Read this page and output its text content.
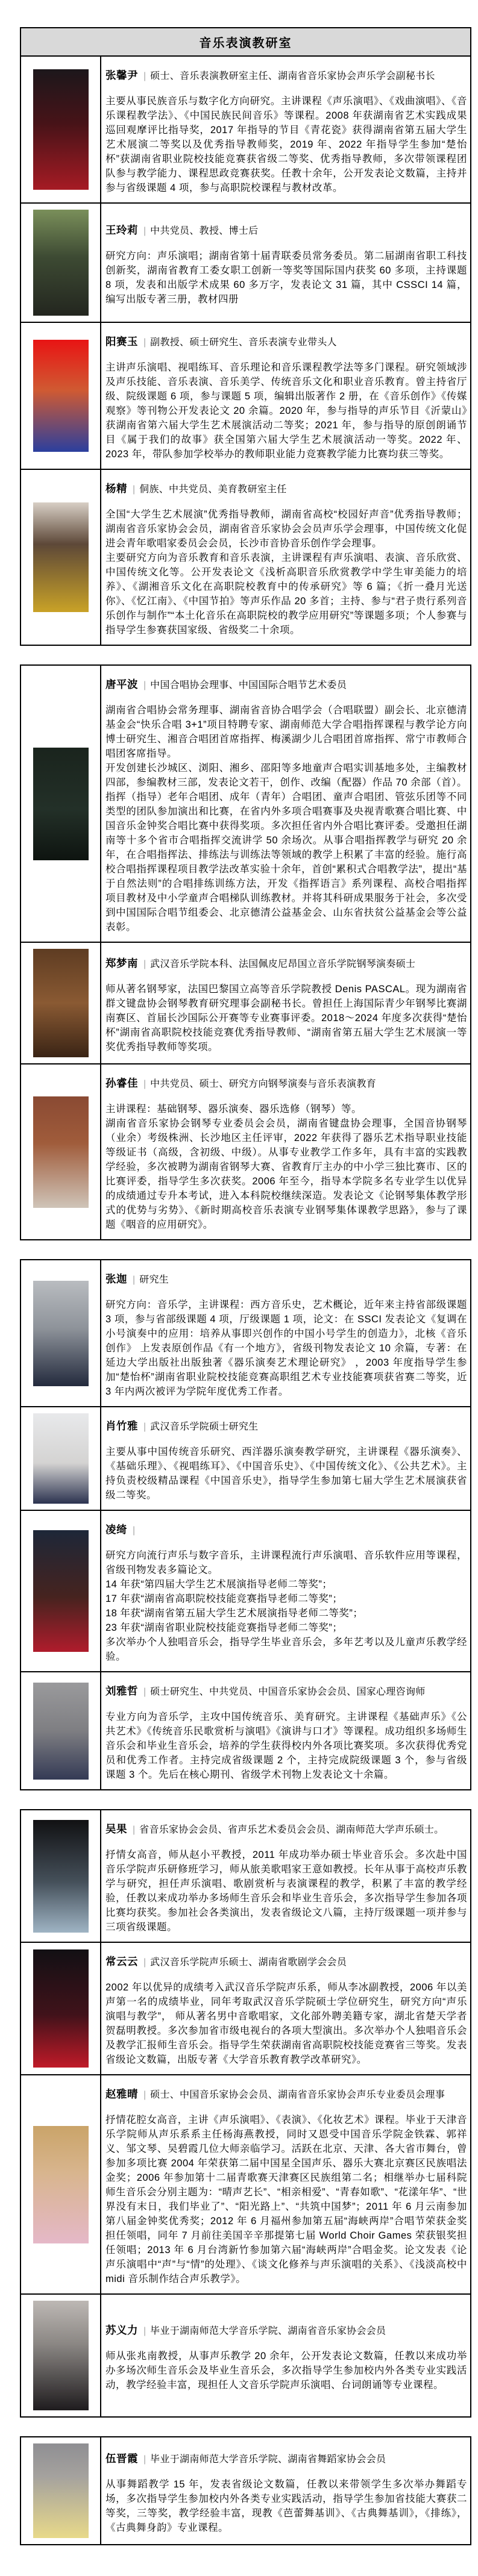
音乐表演教研室
张馨尹 | 硕士、音乐表演教研室主任、湖南省音乐家协会声乐学会副秘书长

主要从事民族音乐与数字化方向研究。主讲课程《声乐演唱》、《戏曲演唱》、《音乐课程教学法》、《中国民族民间音乐》等课程。2008 年获湖南省艺术实践成果巡回观摩评比指导奖，2017 年指导的节目《青花瓷》获得湖南省第五届大学生艺术展演二等奖以及优秀指导教师奖，2019 年、2022 年指导学生参加“楚怡杯”获湖南省职业院校技能竞赛获省级二等奖、优秀指导教师，多次带领课程团队参与教学能力、课程思政竞赛获奖。任教十余年，公开发表论文数篇，主持并参与省级课题 4 项，参与高职院校课程与教材改革。

王玲莉 | 中共党员、教授、博士后

研究方向：声乐演唱；湖南省第十届青联委员常务委员。第二届湖南省职工科技创新奖，湖南省教育工委女职工创新一等奖等国际国内获奖 60 多项，主持课题 8 项，发表和出版学术成果 60 多万字，发表论文 31 篇，其中 CSSCI 14 篇，编写出版专著三册，教材四册

阳赛玉 | 副教授、硕士研究生、音乐表演专业带头人

主讲声乐演唱、视唱练耳、音乐理论和音乐课程教学法等多门课程。研究领域涉及声乐技能、音乐表演、音乐美学、传统音乐文化和职业音乐教育。曾主持省厅级、院级课题 6 项，参与课题 5 项，编辑出版著作 2 册，在《音乐创作》《传媒观察》等刊物公开发表论文 20 余篇。2020 年，参与指导的声乐节目《沂蒙山》获湖南省第六届大学生艺术展演活动二等奖；2021 年，参与指导的原创朗诵节目《属于我们的故事》获全国第六届大学生艺术展演活动一等奖。2022 年、2023 年，带队参加学校举办的教师职业能力竞赛教学能力比赛均获三等奖。

杨精 | 侗族、中共党员、美育教研室主任

全国“大学生艺术展演”优秀指导教师，湖南省高校“校园好声音”优秀指导教师；湖南省音乐家协会会员，湖南省音乐家协会会员声乐学会理事，中国传统文化促进会青年歌唱家委员会会员，长沙市音协音乐创作学会理事。

主要研究方向为音乐教育和音乐表演，主讲课程有声乐演唱、表演、音乐欣赏、中国传统文化等。公开发表论文《浅析高职音乐欣赏教学中学生审美能力的培养》、《湖湘音乐文化在高职院校教育中的传承研究》等 6 篇；《折一叠月光送你》、《忆江南》、《中国节拍》等声乐作品 20 多首；主持、参与“君子贵行系列音乐创作与制作”“本土化音乐在高职院校的教学应用研究”等课题多项；个人参赛与指导学生参赛获国家级、省级奖二十余项。

唐平波 | 中国合唱协会理事、中国国际合唱节艺术委员

湖南省合唱协会常务理事、湖南省音协合唱学会（合唱联盟）副会长、北京德清基金会“快乐合唱 3+1”项目特聘专家、湖南师范大学合唱指挥课程与教学论方向博士研究生、湘音合唱团首席指挥、梅溪湖少儿合唱团首席指挥、常宁市教师合唱团客席指导。

开发创建长沙城区、浏阳、湘乡、邵阳等多地童声合唱实训基地多处，主编教材四部，参编教材三部，发表论文若干，创作、改编（配器）作品 70 余部（首）。指挥（指导）老年合唱团、成年（青年）合唱团、童声合唱团、管弦乐团等不同类型的团队参加演出和比赛，在省内外多项合唱赛事及央视青歌赛合唱比赛、中国音乐金钟奖合唱比赛中获得奖项。多次担任省内外合唱比赛评委。受邀担任湖南等十多个省市合唱指挥交流讲学 50 余场次。从事合唱指挥教学与研究 20 余年，在合唱指挥法、排练法与训练法等领域的教学上积累了丰富的经验。施行高校合唱指挥课程项目教学法改革实验十余年，首创“累积式合唱教学法”，提出“基于自然法则”的合唱排练训练方法，开发《指挥语言》系列课程、高校合唱指挥项目教材及中小学童声合唱梯队训练教材。并将其科研成果服务于社会，多次受到中国国际合唱节组委会、北京德清公益基金会、山东省扶贫公益基金会等公益表彰。

郑梦南 | 武汉音乐学院本科、法国佩皮尼昂国立音乐学院钢琴演奏硕士

师从著名钢琴家，法国巴黎国立高等音乐学院教授 Denis PASCAL。现为湖南省群文键盘协会钢琴教育研究理事会副秘书长。曾担任上海国际青少年钢琴比赛湖南赛区、首届长沙国际公开赛等专业赛事评委。2018～2024 年度多次获得“楚怡杯”湖南省高职院校技能竞赛优秀指导教师、“湖南省第五届大学生艺术展演一等奖优秀指导教师等奖项。

孙睿佳 | 中共党员、硕士、研究方向钢琴演奏与音乐表演教育

主讲课程：基础钢琴、器乐演奏、器乐选修（钢琴）等。

湖南省音乐家协会钢琴专业委员会会员，湖南省键盘协会理事，全国音协钢琴（业余）考级株洲、长沙地区主任评审，2022 年获得了器乐艺术指导职业技能等级证书（高级，含初级、中级）。从事专业教学工作多年，具有丰富的实践教学经验，多次被聘为湖南省钢琴大赛、省教育厅主办的中小学三独比赛市、区的比赛评委，指导学生多次获奖。2006 年至今，指导本学院多名专业学生以优异的成绩通过专升本考试，进入本科院校继续深造。发表论文《论钢琴集体教学形式的优势与劣势》、《新时期高校音乐表演专业钢琴集体课教学思路》，参与了课题《咽音的应用研究》。

张迦 | 研究生

研究方向：音乐学，主讲课程：西方音乐史，艺术概论，近年来主持省部级课题 3 项，参与省部级课题 4 项，厅级课题 1 项，论文：在 SSCI 发表论文《复调在小号演奏中的应用：培养从事即兴创作的中国小号学生的创造力》，北核《音乐创作》 上发表原创作品《有一个地方》，省级刊物发表论文 10 余篇，专著：在延边大学出版社出版独著《器乐演奏艺术理论研究》 ，2003 年度指导学生参加“楚怡杯”湖南省职业院校技能竞赛高职组艺术专业技能赛项获省赛二等奖，近 3 年内两次被评为学院年度优秀工作者。

肖竹雅 | 武汉音乐学院硕士研究生

主要从事中国传统音乐研究、西洋器乐演奏教学研究，主讲课程《器乐演奏》、《基础乐理》、《视唱练耳》、《中国音乐史》、《中国传统文化》、《公共艺术》。主持负责校级精品课程《中国音乐史》，指导学生参加第七届大学生艺术展演获省级二等奖。

凌绮 |

研究方向流行声乐与数字音乐，主讲课程流行声乐演唱、音乐软件应用等课程，省级刊物发表多篇论文。

14 年获“第四届大学生艺术展演指导老师二等奖”；

17 年获“湖南省高职院校技能竞赛指导老师二等奖”；

18 年获“湖南省第五届大学生艺术展演指导老师二等奖”；

23 年获“湖南省职业院校技能竞赛指导老师二等奖”；

多次举办个人独唱音乐会，指导学生毕业音乐会，多年艺考以及儿童声乐教学经验。

刘雅哲 | 硕士研究生、中共党员、中国音乐家协会会员、国家心理咨询师

专业方向为音乐学，主攻中国传统音乐、美育研究。主讲课程《基础声乐》《公共艺术》《传统音乐民歌赏析与演唱》《演讲与口才》等课程。成功组织多场师生音乐会和毕业生音乐会，培养的学生获得校内外各项比赛奖项。多次获得优秀党员和优秀工作者。主持完成省级课题 2 个，主持完成院级课题 3 个，参与省级课题 3 个。先后在核心期刊、省级学术刊物上发表论文十余篇。

吴果 | 省音乐家协会会员、省声乐艺术委员会会员、湖南师范大学声乐硕士。

抒情女高音，师从赵小平教授，2011 年成功举办硕士毕业音乐会。多次赴中国音乐学院声乐研修班学习，师从旅美歌唱家王意如教授。长年从事于高校声乐教学与研究，担任声乐演唱、歌剧赏析与表演课程的教学，积累了丰富的教学经验，任教以来成功举办多场师生音乐会和毕业生音乐会，多次指导学生参加各项比赛均获奖。参加社会各类演出，发表省级论文八篇，主持厅级课题一项并参与三项省级课题。

常云云 | 武汉音乐学院声乐硕士、湖南省歌剧学会会员

2002 年以优异的成绩考入武汉音乐学院声乐系，师从李冰副教授，2006 年以美声第一名的成绩毕业，同年考取武汉音乐学院硕士学位研究生，研究方向“声乐演唱与教学”， 师从著名男中音歌唱家，文化部外聘美籍专家，湖北省楚天学者贺磊明教授。多次参加省市级电视台的各项大型演出。多次举办个人独唱音乐会及教学汇报师生音乐会。指导学生荣获湖南省高职院校技能竞赛省三等奖。发表省级论文数篇，出版专著《大学音乐教育教学改革研究》。

赵雅晴 | 硕士、中国音乐家协会会员、湖南省音乐家协会声乐专业委员会理事

抒情花腔女高音，主讲《声乐演唱》、《表演》、《化妆艺术》课程。毕业于天津音乐学院师从声乐系系主任杨海燕教授，同时又恩受中国音乐学院金铁霖、郭祥义、邹文琴、吴碧霞几位大师亲临学习。活跃在北京、天津、各大省市舞台，曾参加多项比赛 2004 年荣获第二届中国星全国声乐、器乐大赛北京赛区民族唱法金奖；2006 年参加第十二届青歌赛天津赛区民族组第二名；相继举办七届科院师生音乐会分别主题为：“晴声艺长”、“相亲相爱”、“青春如歌”、“花漾年华”、“世界没有末日，我们毕业了”、“阳光路上”、“共筑中国梦”；2011 年 6 月云南参加第八届金钟奖优秀奖；2012 年 6 月福州参加第五届“海峡两岸”合唱节荣获金奖担任领唱，同年 7 月前往美国辛辛那提第七届 World Choir Games 荣获银奖担任领唱；2013 年 6 月台湾新竹参加第六届“海峡两岸”合唱金奖。论文发表《论声乐演唱中“声”与“情”的处理》、《谈文化修养与声乐演唱的关系》、《浅淡高校中 midi 音乐制作结合声乐教学》。

苏义力 | 毕业于湖南师范大学音乐学院、湖南省音乐家协会会员

师从张兆南教授，从事声乐教学 20 余年，公开发表论文数篇，任教以来成功举办多场次师生音乐会及毕业生音乐会，多次指导学生参加校内外各类专业实践活动，教学经验丰富，现担任人文音乐学院声乐演唱、台词朗诵等专业课程。

伍晋霞 | 毕业于湖南师范大学音乐学院、湖南省舞蹈家协会会员

从事舞蹈教学 15 年，发表省级论文数篇，任教以来带领学生多次举办舞蹈专场，多次指导学生参加校内外各类专业实践活动，指导学生参加省技能大赛获二等奖，三等奖，教学经验丰富，现教《芭蕾舞基训》、《古典舞基训》，《排练》，《古典舞身韵》专业课程。
